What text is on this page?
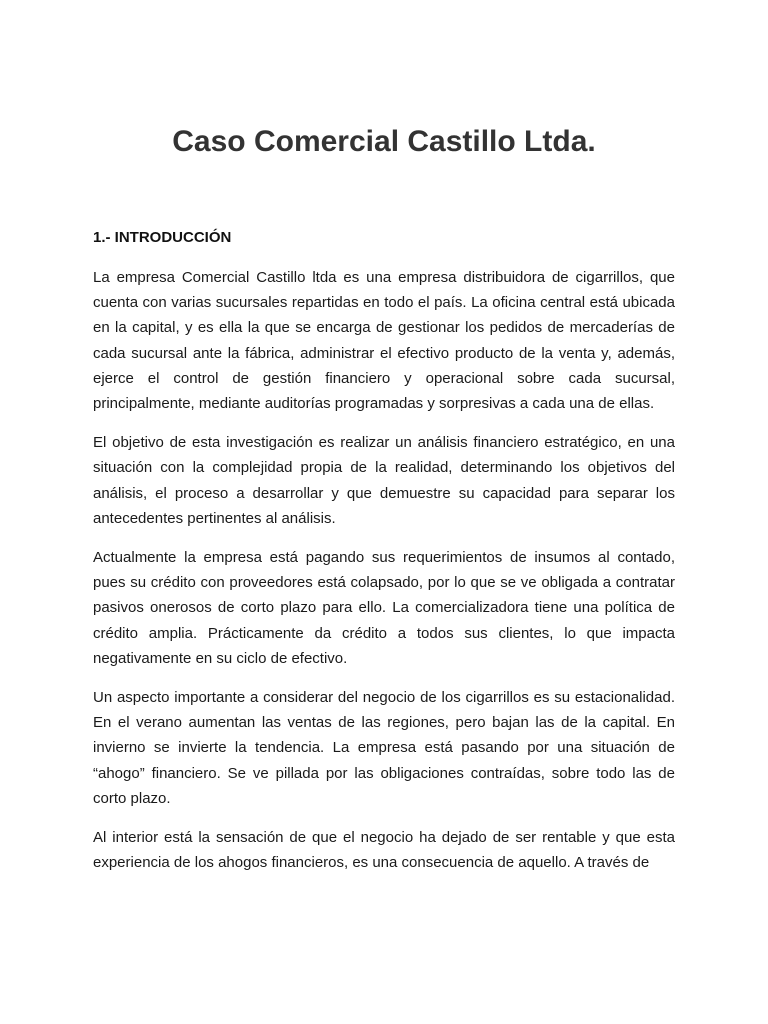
Caso Comercial Castillo Ltda.
1.- INTRODUCCIÓN

La empresa Comercial Castillo ltda es una empresa distribuidora de cigarrillos, que cuenta con varias sucursales repartidas en todo el país. La oficina central está ubicada en la capital, y es ella la que se encarga de gestionar los pedidos de mercaderías de cada sucursal ante la fábrica, administrar el efectivo producto de la venta y, además, ejerce el control de gestión financiero y operacional sobre cada sucursal, principalmente, mediante auditorías programadas y sorpresivas a cada una de ellas.

El objetivo de esta investigación es realizar un análisis financiero estratégico, en una situación con la complejidad propia de la realidad, determinando los objetivos del análisis, el proceso a desarrollar y que demuestre su capacidad para separar los antecedentes pertinentes al análisis.

Actualmente la empresa está pagando sus requerimientos de insumos al contado, pues su crédito con proveedores está colapsado, por lo que se ve obligada a contratar pasivos onerosos de corto plazo para ello. La comercializadora tiene una política de crédito amplia. Prácticamente da crédito a todos sus clientes, lo que impacta negativamente en su ciclo de efectivo.

Un aspecto importante a considerar del negocio de los cigarrillos es su estacionalidad. En el verano aumentan las ventas de las regiones, pero bajan las de la capital. En invierno se invierte la tendencia. La empresa está pasando por una situación de “ahogo” financiero. Se ve pillada por las obligaciones contraídas, sobre todo las de corto plazo.

Al interior está la sensación de que el negocio ha dejado de ser rentable y que esta experiencia de los ahogos financieros, es una consecuencia de aquello. A través de
